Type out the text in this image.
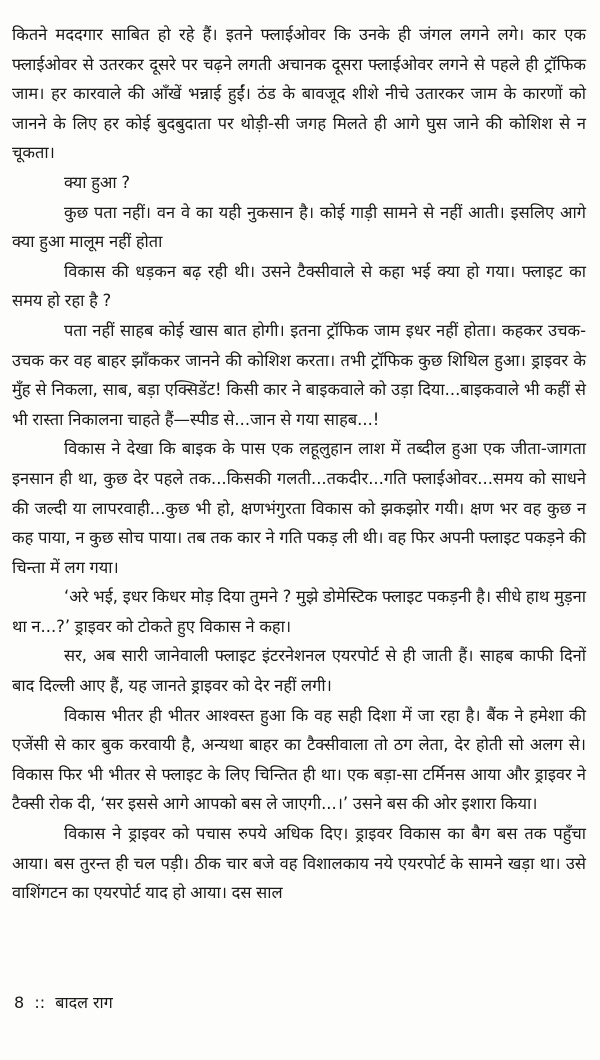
कितने मददगार साबित हो रहे हैं। इतने फ्लाईओवर कि उनके ही जंगल लगने लगे। कार एक फ्लाईओवर से उतरकर दूसरे पर चढ़ने लगती अचानक दूसरा फ्लाईओवर लगने से पहले ही ट्रॉफिक जाम। हर कारवाले की आँखें भन्नाई हुईं। ठंड के बावजूद शीशे नीचे उतारकर जाम के कारणों को जानने के लिए हर कोई बुदबुदाता पर थोड़ी-सी जगह मिलते ही आगे घुस जाने की कोशिश से न चूकता।

क्या हुआ ?

कुछ पता नहीं। वन वे का यही नुकसान है। कोई गाड़ी सामने से नहीं आती। इसलिए आगे क्या हुआ मालूम नहीं होता

विकास की धड़कन बढ़ रही थी। उसने टैक्सीवाले से कहा भई क्या हो गया। फ्लाइट का समय हो रहा है ?

पता नहीं साहब कोई खास बात होगी। इतना ट्रॉफिक जाम इधर नहीं होता। कहकर उचक-उचक कर वह बाहर झाँककर जानने की कोशिश करता। तभी ट्रॉफिक कुछ शिथिल हुआ। ड्राइवर के मुँह से निकला, साब, बड़ा एक्सिडेंट! किसी कार ने बाइकवाले को उड़ा दिया...बाइकवाले भी कहीं से भी रास्ता निकालना चाहते हैं—स्पीड से...जान से गया साहब...!

विकास ने देखा कि बाइक के पास एक लहूलुहान लाश में तब्दील हुआ एक जीता-जागता इनसान ही था, कुछ देर पहले तक...किसकी गलती...तकदीर...गति फ्लाईओवर...समय को साधने की जल्दी या लापरवाही...कुछ भी हो, क्षणभंगुरता विकास को झकझोर गयी। क्षण भर वह कुछ न कह पाया, न कुछ सोच पाया। तब तक कार ने गति पकड़ ली थी। वह फिर अपनी फ्लाइट पकड़ने की चिन्ता में लग गया।

‘अरे भई, इधर किधर मोड़ दिया तुमने ? मुझे डोमेस्टिक फ्लाइट पकड़नी है। सीधे हाथ मुड़ना था न...?’ ड्राइवर को टोकते हुए विकास ने कहा।

सर, अब सारी जानेवाली फ्लाइट इंटरनेशनल एयरपोर्ट से ही जाती हैं। साहब काफी दिनों बाद दिल्ली आए हैं, यह जानते ड्राइवर को देर नहीं लगी।

विकास भीतर ही भीतर आश्वस्त हुआ कि वह सही दिशा में जा रहा है। बैंक ने हमेशा की एजेंसी से कार बुक करवायी है, अन्यथा बाहर का टैक्सीवाला तो ठग लेता, देर होती सो अलग से। विकास फिर भी भीतर से फ्लाइट के लिए चिन्तित ही था। एक बड़ा-सा टर्मिनस आया और ड्राइवर ने टैक्सी रोक दी, ‘सर इससे आगे आपको बस ले जाएगी...।’ उसने बस की ओर इशारा किया।

विकास ने ड्राइवर को पचास रुपये अधिक दिए। ड्राइवर विकास का बैग बस तक पहुँचा आया। बस तुरन्त ही चल पड़ी। ठीक चार बजे वह विशालकाय नये एयरपोर्ट के सामने खड़ा था। उसे वाशिंगटन का एयरपोर्ट याद हो आया। दस साल

8  ::  बादल राग
